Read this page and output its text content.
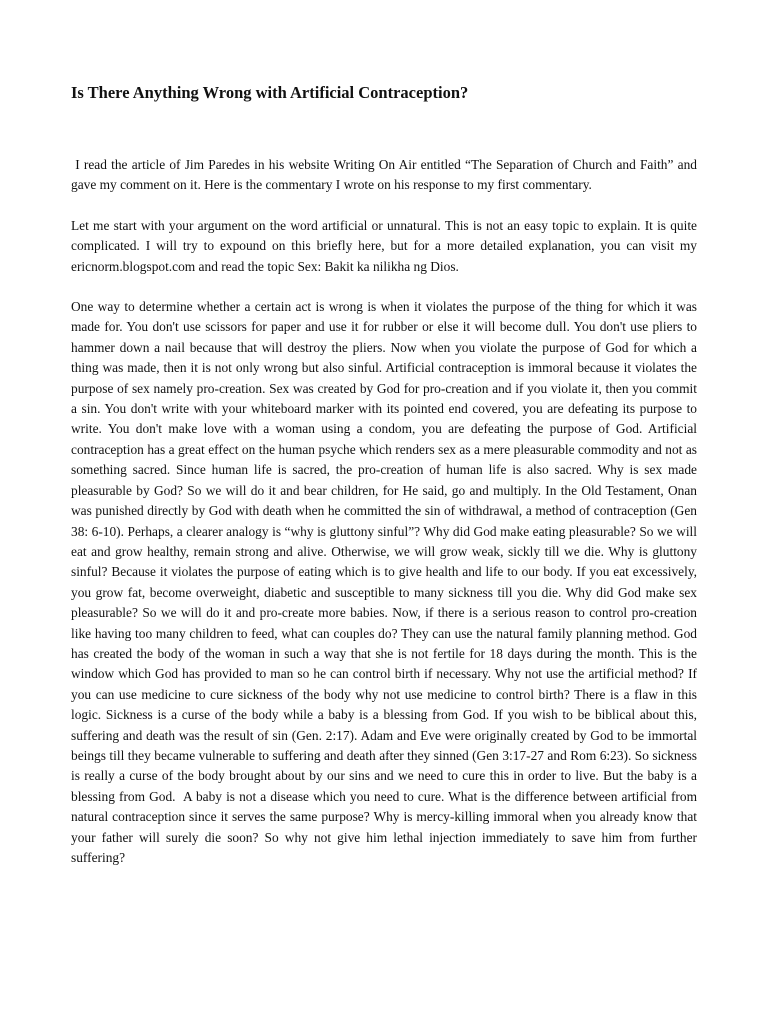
Is There Anything Wrong with Artificial Contraception?

I read the article of Jim Paredes in his website Writing On Air entitled “The Separation of Church and Faith” and gave my comment on it. Here is the commentary I wrote on his response to my first commentary.

Let me start with your argument on the word artificial or unnatural. This is not an easy topic to explain. It is quite complicated. I will try to expound on this briefly here, but for a more detailed explanation, you can visit my ericnorm.blogspot.com and read the topic Sex: Bakit ka nilikha ng Dios.

One way to determine whether a certain act is wrong is when it violates the purpose of the thing for which it was made for. You don't use scissors for paper and use it for rubber or else it will become dull. You don't use pliers to hammer down a nail because that will destroy the pliers. Now when you violate the purpose of God for which a thing was made, then it is not only wrong but also sinful. Artificial contraception is immoral because it violates the purpose of sex namely pro-creation. Sex was created by God for pro-creation and if you violate it, then you commit a sin. You don't write with your whiteboard marker with its pointed end covered, you are defeating its purpose to write. You don't make love with a woman using a condom, you are defeating the purpose of God. Artificial contraception has a great effect on the human psyche which renders sex as a mere pleasurable commodity and not as something sacred. Since human life is sacred, the pro-creation of human life is also sacred. Why is sex made pleasurable by God? So we will do it and bear children, for He said, go and multiply. In the Old Testament, Onan was punished directly by God with death when he committed the sin of withdrawal, a method of contraception (Gen 38: 6-10). Perhaps, a clearer analogy is “why is gluttony sinful”? Why did God make eating pleasurable? So we will eat and grow healthy, remain strong and alive. Otherwise, we will grow weak, sickly till we die. Why is gluttony sinful? Because it violates the purpose of eating which is to give health and life to our body. If you eat excessively, you grow fat, become overweight, diabetic and susceptible to many sickness till you die. Why did God make sex pleasurable? So we will do it and pro-create more babies. Now, if there is a serious reason to control pro-creation like having too many children to feed, what can couples do? They can use the natural family planning method. God has created the body of the woman in such a way that she is not fertile for 18 days during the month. This is the window which God has provided to man so he can control birth if necessary. Why not use the artificial method? If you can use medicine to cure sickness of the body why not use medicine to control birth? There is a flaw in this logic. Sickness is a curse of the body while a baby is a blessing from God. If you wish to be biblical about this, suffering and death was the result of sin (Gen. 2:17). Adam and Eve were originally created by God to be immortal beings till they became vulnerable to suffering and death after they sinned (Gen 3:17-27 and Rom 6:23). So sickness is really a curse of the body brought about by our sins and we need to cure this in order to live. But the baby is a blessing from God.  A baby is not a disease which you need to cure. What is the difference between artificial from natural contraception since it serves the same purpose? Why is mercy-killing immoral when you already know that your father will surely die soon? So why not give him lethal injection immediately to save him from further suffering?
